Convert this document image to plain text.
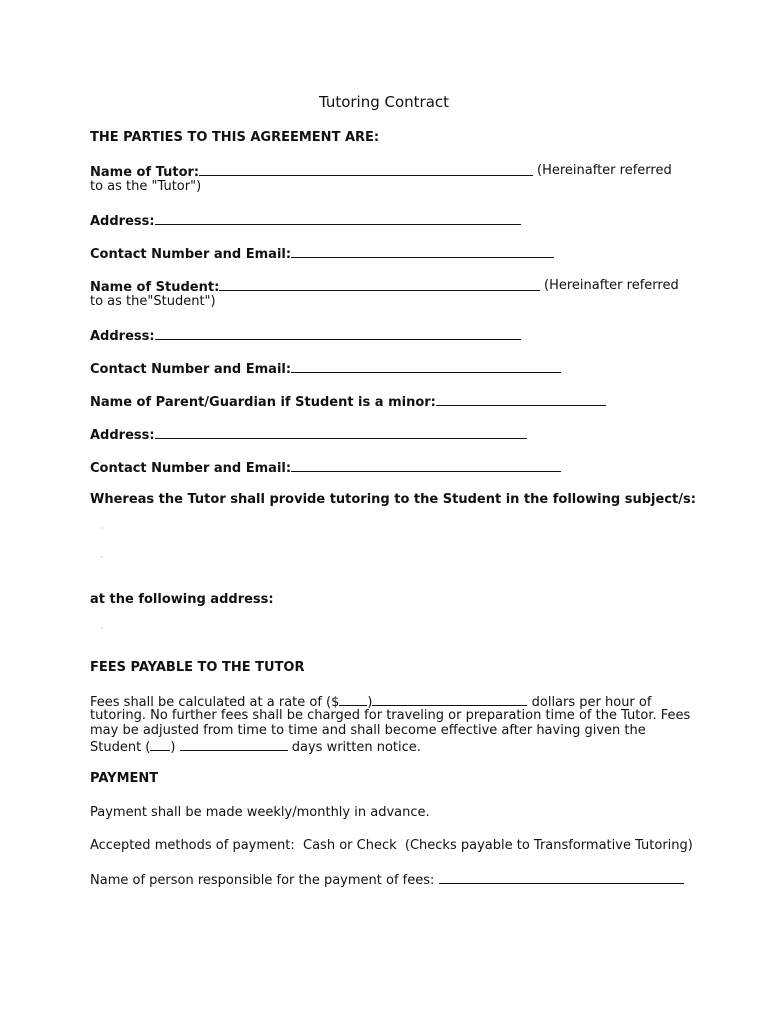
Tutoring Contract
THE PARTIES TO THIS AGREEMENT ARE:
Name of Tutor:	(Hereinafter referred
to as the "Tutor")
Address:
Contact Number and Email:
Name of Student:	(Hereinafter referred
to as the"Student")
Address:
Contact Number and Email:
Name of Parent/Guardian if Student is a minor:
Address:
Contact Number and Email:
Whereas the Tutor shall provide tutoring to the Student in the following subject/s:
at the following address:
FEES PAYABLE TO THE TUTOR
Fees shall be calculated at a rate of ($ )	dollars per hour of
tutoring. No further fees shall be charged for traveling or preparation time of the Tutor. Fees
may be adjusted from time to time and shall become effective after having given the
Student ( )	days written notice.
PAYMENT
Payment shall be made weekly/monthly in advance.
Accepted methods of payment:  Cash or Check  (Checks payable to Transformative Tutoring)
Name of person responsible for the payment of fees:
